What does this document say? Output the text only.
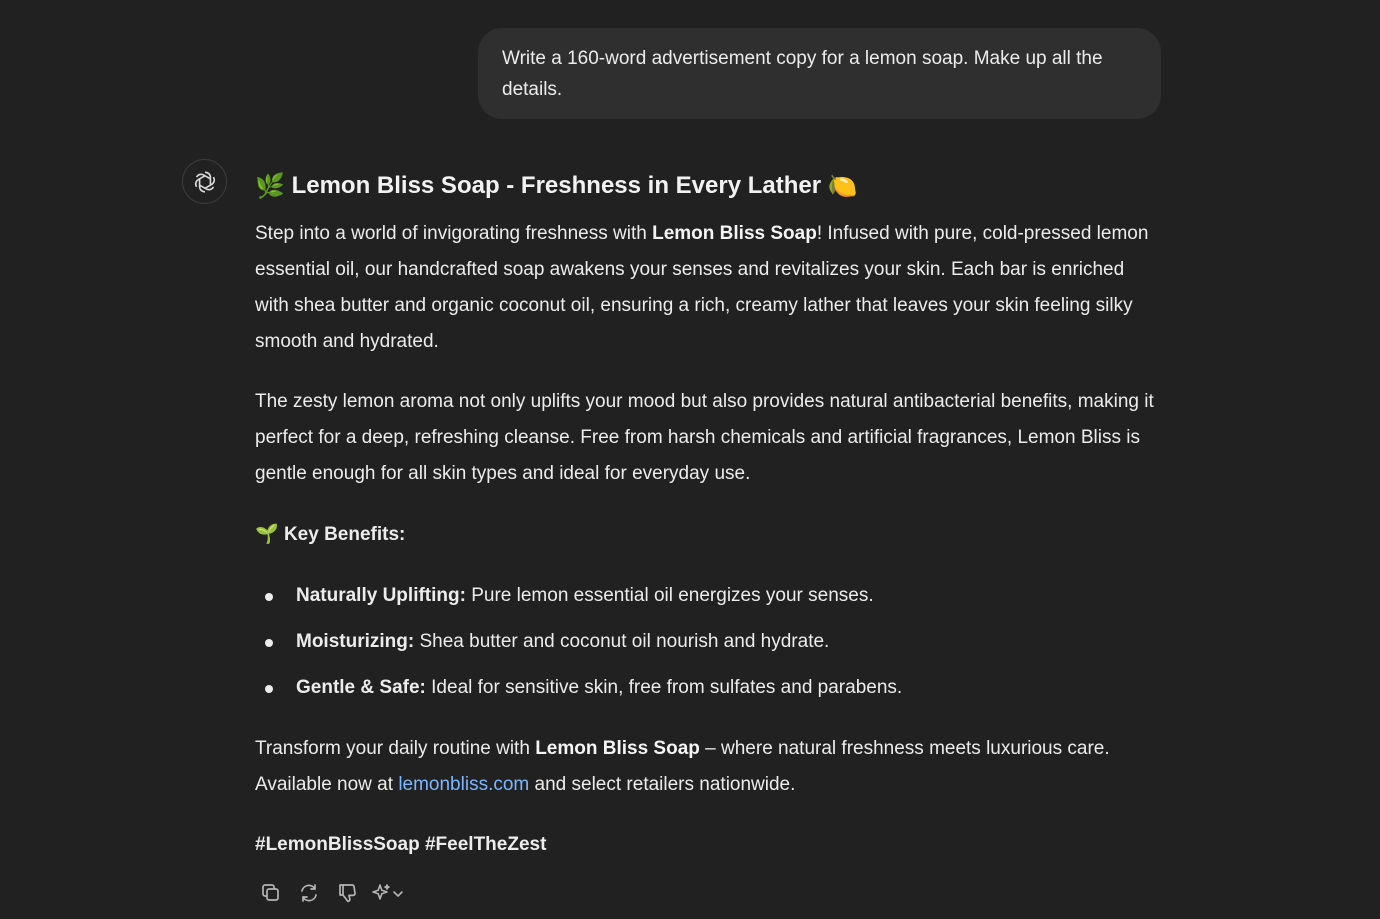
Write a 160-word advertisement copy for a lemon soap. Make up all the details.
🌿 Lemon Bliss Soap - Freshness in Every Lather 🍋

Step into a world of invigorating freshness with Lemon Bliss Soap! Infused with pure, cold-pressed lemon essential oil, our handcrafted soap awakens your senses and revitalizes your skin. Each bar is enriched with shea butter and organic coconut oil, ensuring a rich, creamy lather that leaves your skin feeling silky smooth and hydrated.

The zesty lemon aroma not only uplifts your mood but also provides natural antibacterial benefits, making it perfect for a deep, refreshing cleanse. Free from harsh chemicals and artificial fragrances, Lemon Bliss is gentle enough for all skin types and ideal for everyday use.

🌱 Key Benefits:
Naturally Uplifting: Pure lemon essential oil energizes your senses.
Moisturizing: Shea butter and coconut oil nourish and hydrate.
Gentle & Safe: Ideal for sensitive skin, free from sulfates and parabens.

Transform your daily routine with Lemon Bliss Soap – where natural freshness meets luxurious care. Available now at lemonbliss.com and select retailers nationwide.

#LemonBlissSoap #FeelTheZest
